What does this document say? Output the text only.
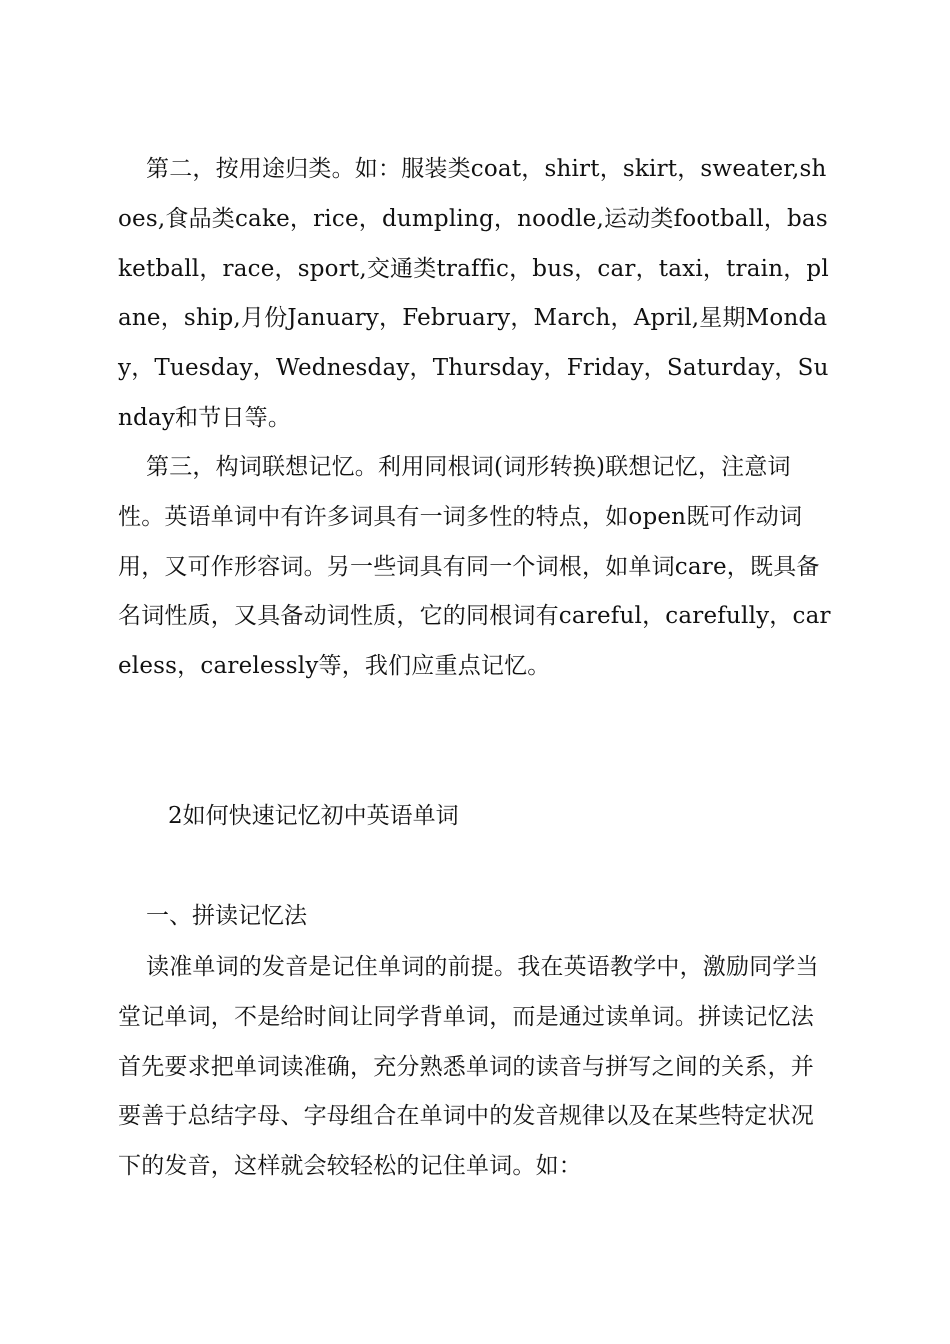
第二，按用途归类。如：服装类coat，shirt，skirt，sweater,shoes,食品类cake，rice，dumpling，noodle,运动类football，basketball，race，sport,交通类traffic，bus，car，taxi，train，plane，ship,月份January，February，March，April,星期Monday，Tuesday，Wednesday，Thursday，Friday，Saturday，Sunday和节日等。

第三，构词联想记忆。利用同根词(词形转换)联想记忆，注意词性。英语单词中有许多词具有一词多性的特点，如open既可作动词用，又可作形容词。另一些词具有同一个词根，如单词care，既具备名词性质，又具备动词性质，它的同根词有careful，carefully，careless，carelessly等，我们应重点记忆。

2如何快速记忆初中英语单词
一、拼读记忆法

读准单词的发音是记住单词的前提。我在英语教学中，激励同学当堂记单词，不是给时间让同学背单词，而是通过读单词。拼读记忆法首先要求把单词读准确，充分熟悉单词的读音与拼写之间的关系，并要善于总结字母、字母组合在单词中的发音规律以及在某些特定状况下的发音，这样就会较轻松的记住单词。如：
